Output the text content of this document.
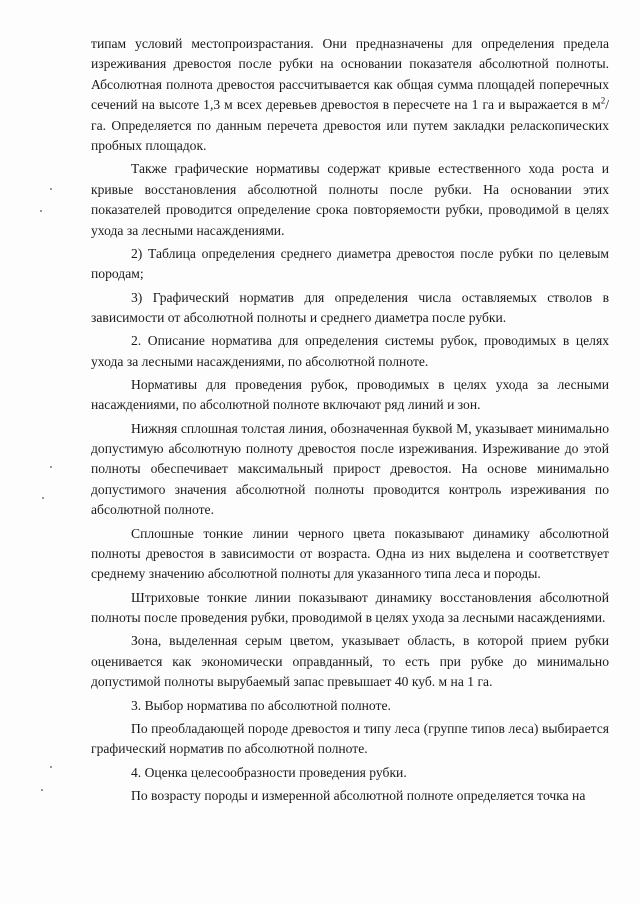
типам условий местопроизрастания. Они предназначены для определения предела изреживания древостоя после рубки на основании показателя абсолютной полноты. Абсолютная полнота древостоя рассчитывается как общая сумма площадей поперечных сечений на высоте 1,3 м всех деревьев древостоя в пересчете на 1 га и выражается в $м^2/га$. Определяется по данным перечета древостоя или путем закладки реласкопических пробных площадок.

Также графические нормативы содержат кривые естественного хода роста и кривые восстановления абсолютной полноты после рубки. На основании этих показателей проводится определение срока повторяемости рубки, проводимой в целях ухода за лесными насаждениями.

2) Таблица определения среднего диаметра древостоя после рубки по целевым породам;

3) Графический норматив для определения числа оставляемых стволов в зависимости от абсолютной полноты и среднего диаметра после рубки.

2. Описание норматива для определения системы рубок, проводимых в целях ухода за лесными насаждениями, по абсолютной полноте.

Нормативы для проведения рубок, проводимых в целях ухода за лесными насаждениями, по абсолютной полноте включают ряд линий и зон.

Нижняя сплошная толстая линия, обозначенная буквой М, указывает минимально допустимую абсолютную полноту древостоя после изреживания. Изреживание до этой полноты обеспечивает максимальный прирост древостоя. На основе минимально допустимого значения абсолютной полноты проводится контроль изреживания по абсолютной полноте.

Сплошные тонкие линии черного цвета показывают динамику абсолютной полноты древостоя в зависимости от возраста. Одна из них выделена и соответствует среднему значению абсолютной полноты для указанного типа леса и породы.

Штриховые тонкие линии показывают динамику восстановления абсолютной полноты после проведения рубки, проводимой в целях ухода за лесными насаждениями.

Зона, выделенная серым цветом, указывает область, в которой прием рубки оценивается как экономически оправданный, то есть при рубке до минимально допустимой полноты вырубаемый запас превышает 40 куб. м на 1 га.

3. Выбор норматива по абсолютной полноте.

По преобладающей породе древостоя и типу леса (группе типов леса) выбирается графический норматив по абсолютной полноте.

4. Оценка целесообразности проведения рубки.

По возрасту породы и измеренной абсолютной полноте определяется точка на
